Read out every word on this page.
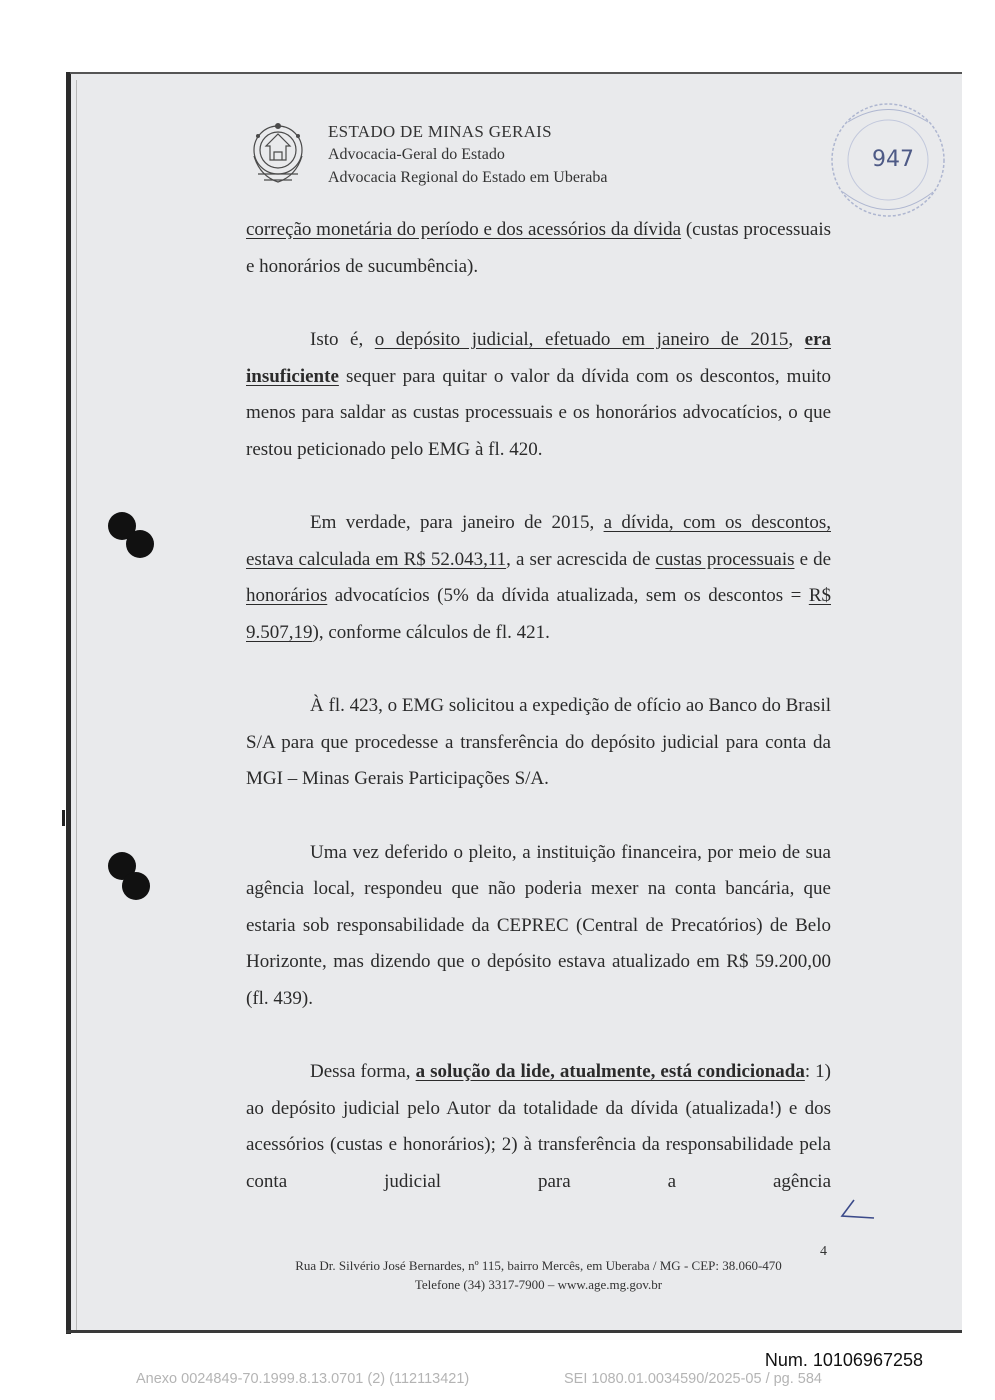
ESTADO DE MINAS GERAIS
Advocacia-Geral do Estado
Advocacia Regional do Estado em Uberaba
947

correção monetária do período e dos acessórios da dívida (custas processuais e honorários de sucumbência).

Isto é, o depósito judicial, efetuado em janeiro de 2015, era insuficiente sequer para quitar o valor da dívida com os descontos, muito menos para saldar as custas processuais e os honorários advocatícios, o que restou peticionado pelo EMG à fl. 420.

Em verdade, para janeiro de 2015, a dívida, com os descontos, estava calculada em R$ 52.043,11, a ser acrescida de custas processuais e de honorários advocatícios (5% da dívida atualizada, sem os descontos = R$ 9.507,19), conforme cálculos de fl. 421.

À fl. 423, o EMG solicitou a expedição de ofício ao Banco do Brasil S/A para que procedesse a transferência do depósito judicial para conta da MGI – Minas Gerais Participações S/A.

Uma vez deferido o pleito, a instituição financeira, por meio de sua agência local, respondeu que não poderia mexer na conta bancária, que estaria sob responsabilidade da CEPREC (Central de Precatórios) de Belo Horizonte, mas dizendo que o depósito estava atualizado em R$ 59.200,00 (fl. 439).

Dessa forma, a solução da lide, atualmente, está condicionada: 1) ao depósito judicial pelo Autor da totalidade da dívida (atualizada!) e dos acessórios (custas e honorários); 2) à transferência da responsabilidade pela conta judicial para a agência

4
Rua Dr. Silvério José Bernardes, nº 115, bairro Mercês, em Uberaba / MG - CEP: 38.060-470
Telefone (34) 3317-7900 – www.age.mg.gov.br
Num. 10106967258
Anexo 0024849-70.1999.8.13.0701 (2) (112113421)	SEI 1080.01.0034590/2025-05 / pg. 584
